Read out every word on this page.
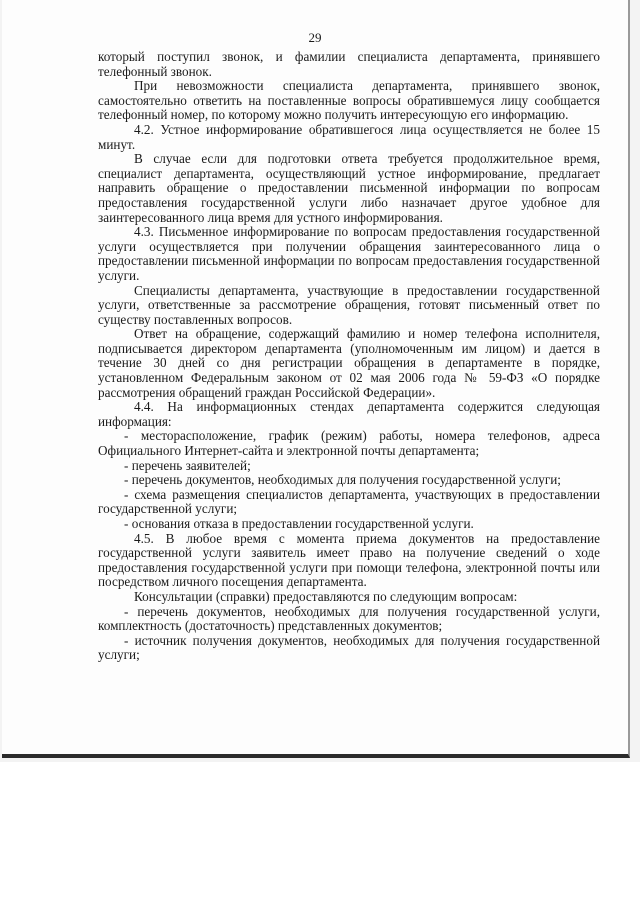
29

который поступил звонок, и фамилии специалиста департамента, принявшего телефонный звонок.

При невозможности специалиста департамента, принявшего звонок, самостоятельно ответить на поставленные вопросы обратившемуся лицу сообщается телефонный номер, по которому можно получить интересующую его информацию.

4.2. Устное информирование обратившегося лица осуществляется не более 15 минут.

В случае если для подготовки ответа требуется продолжительное время, специалист департамента, осуществляющий устное информирование, предлагает направить обращение о предоставлении письменной информации по вопросам предоставления государственной услуги либо назначает другое удобное для заинтересованного лица время для устного информирования.

4.3. Письменное информирование по вопросам предоставления государственной услуги осуществляется при получении обращения заинтересованного лица о предоставлении письменной информации по вопросам предоставления государственной услуги.

Специалисты департамента, участвующие в предоставлении государственной услуги, ответственные за рассмотрение обращения, готовят письменный ответ по существу поставленных вопросов.

Ответ на обращение, содержащий фамилию и номер телефона исполнителя, подписывается директором департамента (уполномоченным им лицом) и дается в течение 30 дней со дня регистрации обращения в департаменте в порядке, установленном Федеральным законом от 02 мая 2006 года № 59-ФЗ «О порядке рассмотрения обращений граждан Российской Федерации».

4.4. На информационных стендах департамента содержится следующая информация:

- месторасположение, график (режим) работы, номера телефонов, адреса Официального Интернет-сайта и электронной почты департамента;

- перечень заявителей;

- перечень документов, необходимых для получения государственной услуги;

- схема размещения специалистов департамента, участвующих в предоставлении государственной услуги;

- основания отказа в предоставлении государственной услуги.

4.5. В любое время с момента приема документов на предоставление государственной услуги заявитель имеет право на получение сведений о ходе предоставления государственной услуги при помощи телефона, электронной почты или посредством личного посещения департамента.

Консультации (справки) предоставляются по следующим вопросам:

- перечень документов, необходимых для получения государственной услуги, комплектность (достаточность) представленных документов;

- источник получения документов, необходимых для получения государственной услуги;
